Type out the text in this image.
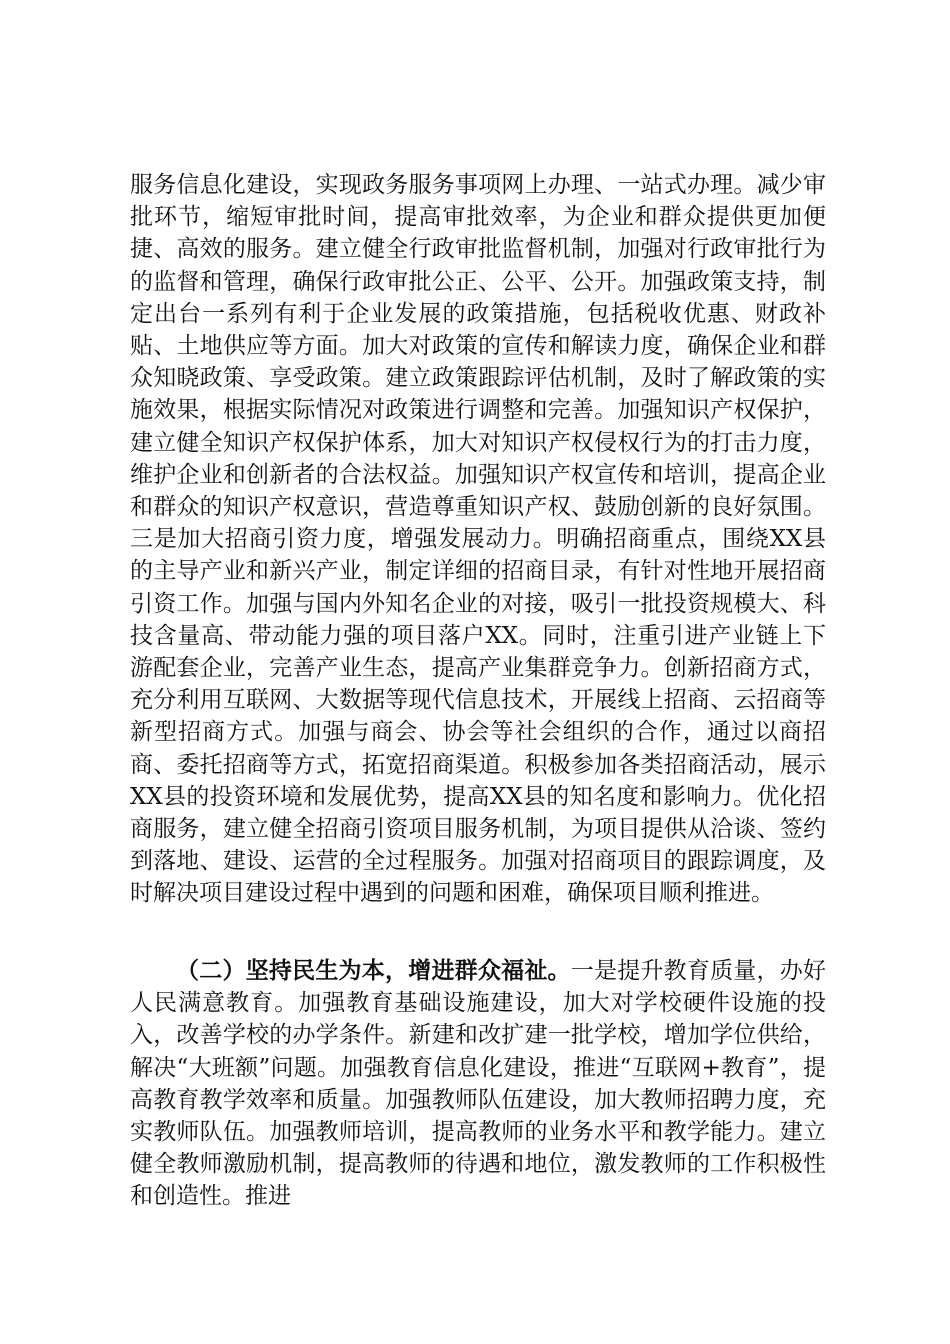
服务信息化建设，实现政务服务事项网上办理、一站式办理。减少审批环节，缩短审批时间，提高审批效率，为企业和群众提供更加便捷、高效的服务。建立健全行政审批监督机制，加强对行政审批行为的监督和管理，确保行政审批公正、公平、公开。加强政策支持，制定出台一系列有利于企业发展的政策措施，包括税收优惠、财政补贴、土地供应等方面。加大对政策的宣传和解读力度，确保企业和群众知晓政策、享受政策。建立政策跟踪评估机制，及时了解政策的实施效果，根据实际情况对政策进行调整和完善。加强知识产权保护，建立健全知识产权保护体系，加大对知识产权侵权行为的打击力度，维护企业和创新者的合法权益。加强知识产权宣传和培训，提高企业和群众的知识产权意识，营造尊重知识产权、鼓励创新的良好氛围。三是加大招商引资力度，增强发展动力。明确招商重点，围绕XX县的主导产业和新兴产业，制定详细的招商目录，有针对性地开展招商引资工作。加强与国内外知名企业的对接，吸引一批投资规模大、科技含量高、带动能力强的项目落户XX。同时，注重引进产业链上下游配套企业，完善产业生态，提高产业集群竞争力。创新招商方式，充分利用互联网、大数据等现代信息技术，开展线上招商、云招商等新型招商方式。加强与商会、协会等社会组织的合作，通过以商招商、委托招商等方式，拓宽招商渠道。积极参加各类招商活动，展示XX县的投资环境和发展优势，提高XX县的知名度和影响力。优化招商服务，建立健全招商引资项目服务机制，为项目提供从洽谈、签约到落地、建设、运营的全过程服务。加强对招商项目的跟踪调度，及时解决项目建设过程中遇到的问题和困难，确保项目顺利推进。

（二）坚持民生为本，增进群众福祉。一是提升教育质量，办好人民满意教育。加强教育基础设施建设，加大对学校硬件设施的投入，改善学校的办学条件。新建和改扩建一批学校，增加学位供给，解决“大班额”问题。加强教育信息化建设，推进“互联网+教育”，提高教育教学效率和质量。加强教师队伍建设，加大教师招聘力度，充实教师队伍。加强教师培训，提高教师的业务水平和教学能力。建立健全教师激励机制，提高教师的待遇和地位，激发教师的工作积极性和创造性。推进
